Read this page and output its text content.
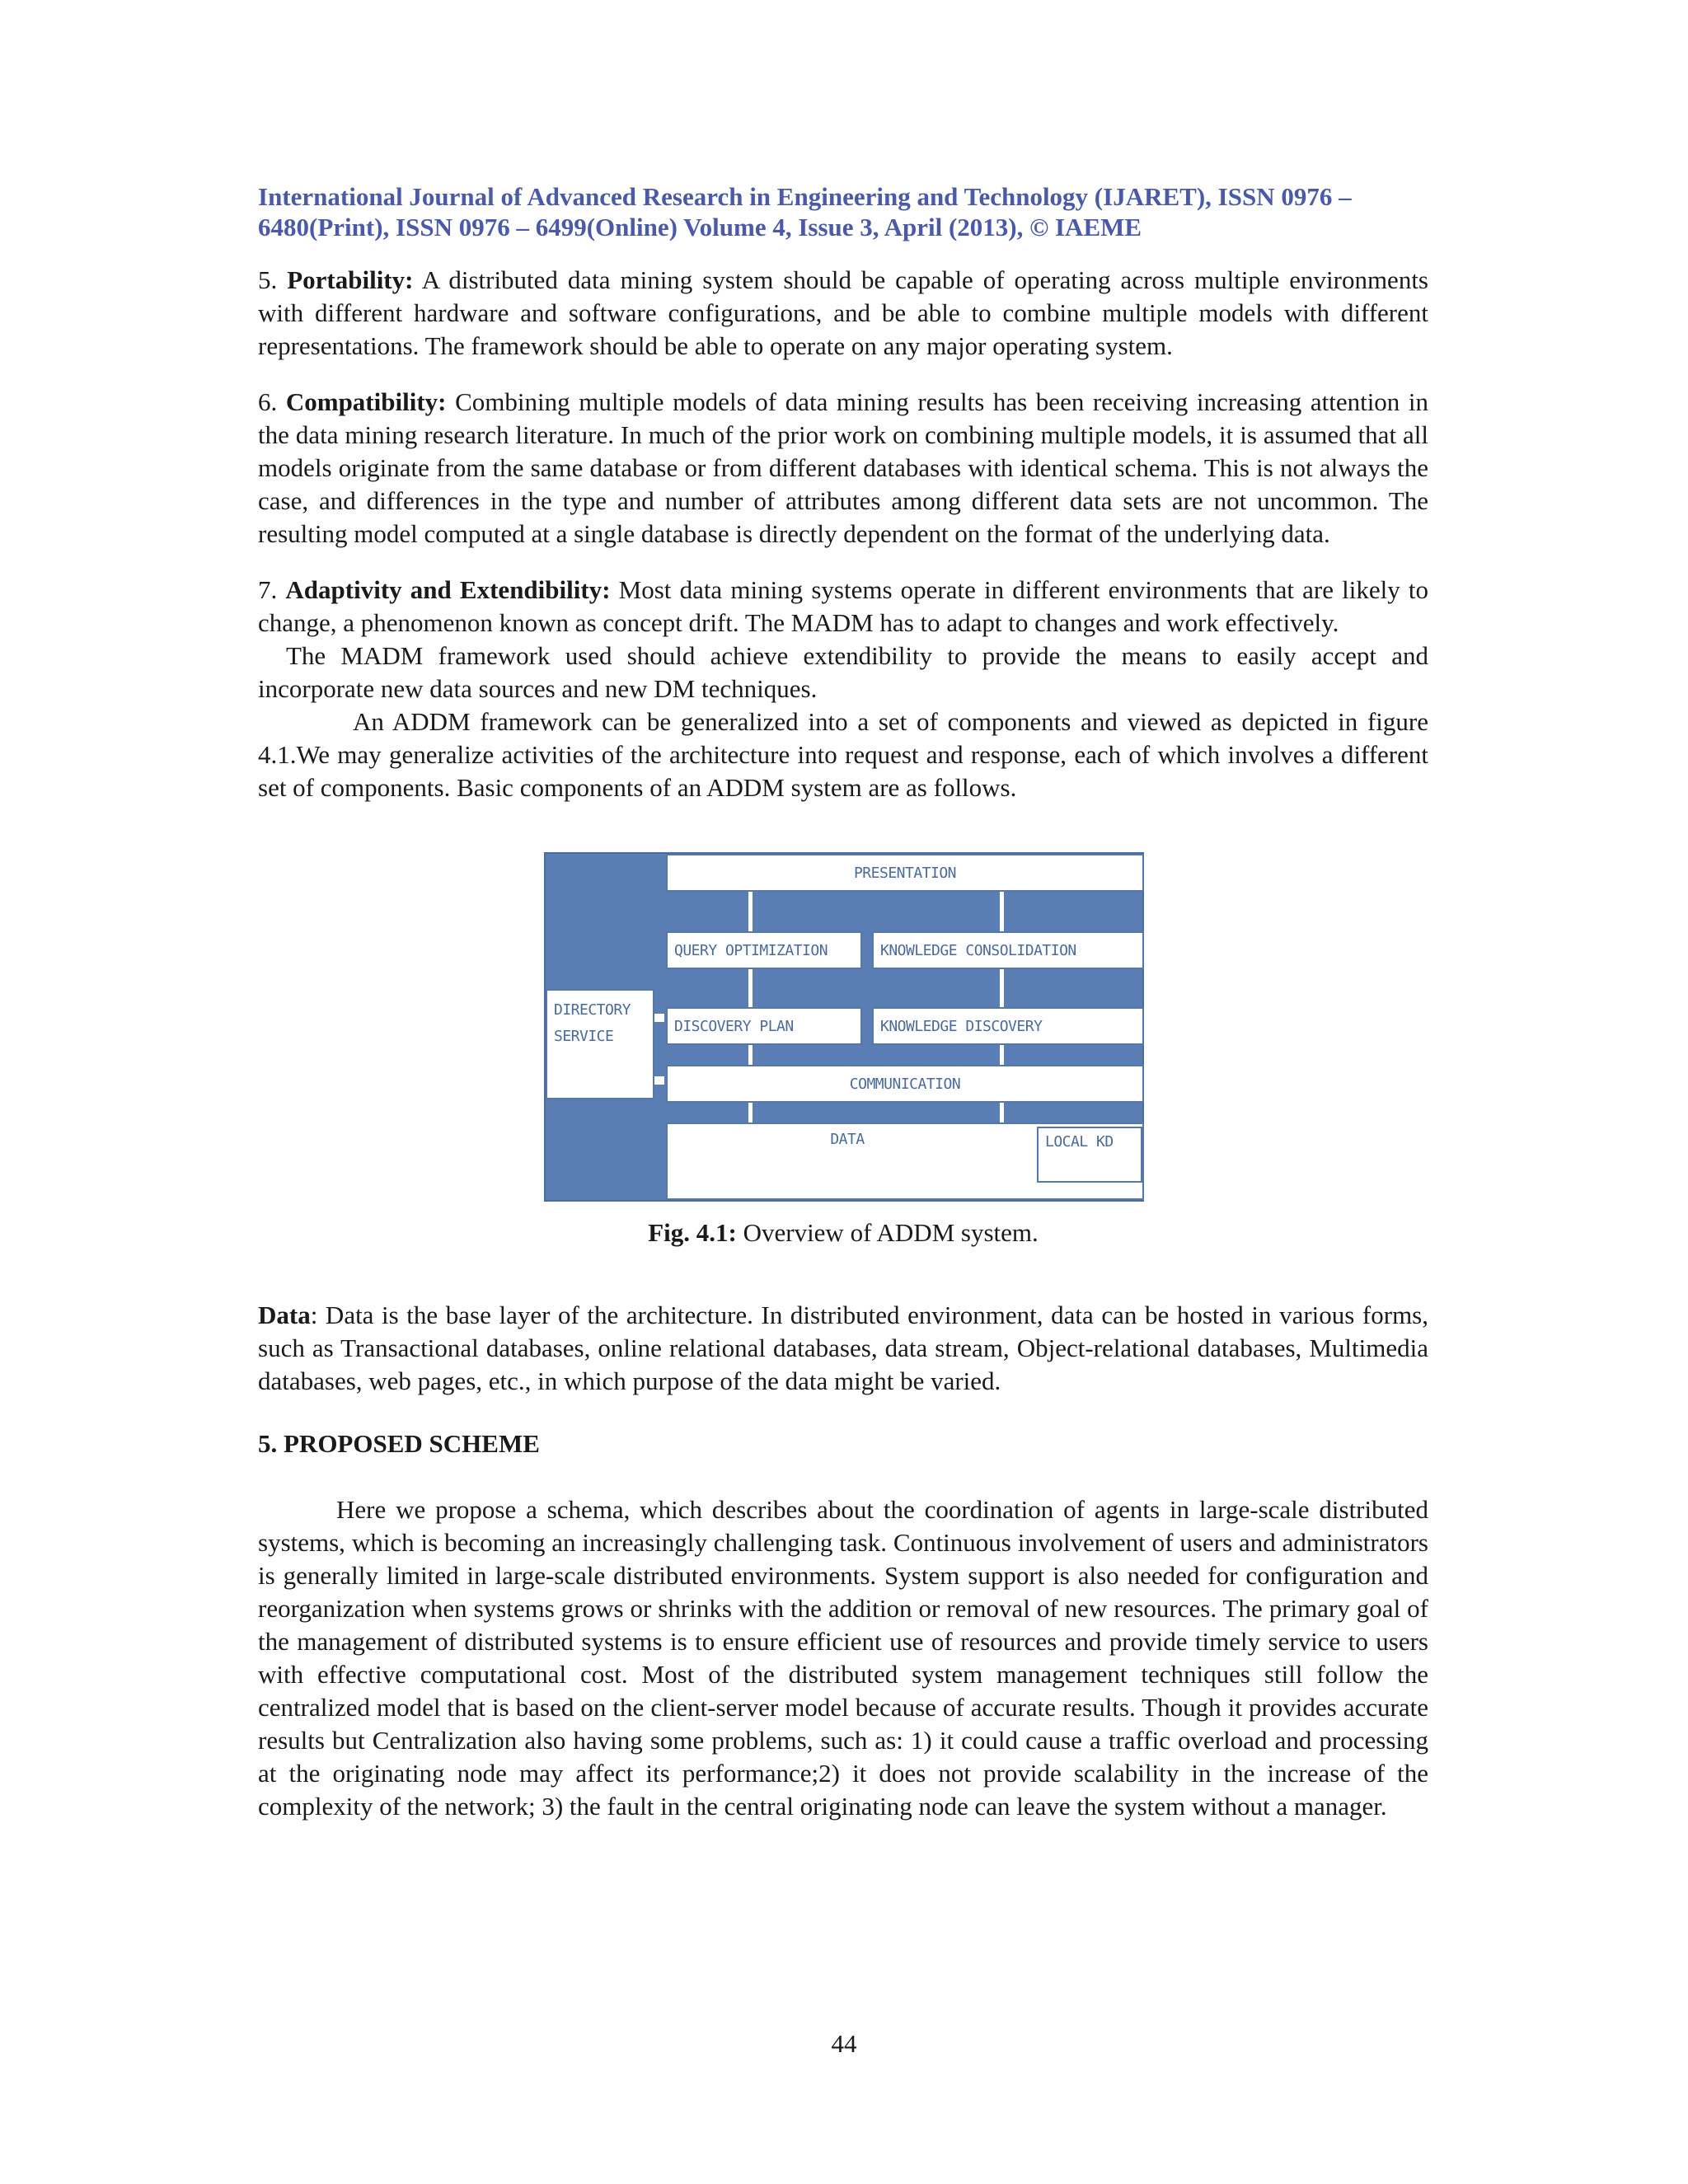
International Journal of Advanced Research in Engineering and Technology (IJARET), ISSN 0976 –
6480(Print), ISSN 0976 – 6499(Online) Volume 4, Issue 3, April (2013), © IAEME

5. Portability: A distributed data mining system should be capable of operating across multiple environments with different hardware and software configurations, and be able to combine multiple models with different representations. The framework should be able to operate on any major operating system.

6. Compatibility: Combining multiple models of data mining results has been receiving increasing attention in the data mining research literature. In much of the prior work on combining multiple models, it is assumed that all models originate from the same database or from different databases with identical schema. This is not always the case, and differences in the type and number of attributes among different data sets are not uncommon. The resulting model computed at a single database is directly dependent on the format of the underlying data.

7. Adaptivity and Extendibility: Most data mining systems operate in different environments that are likely to change, a phenomenon known as concept drift. The MADM has to adapt to changes and work effectively.

The MADM framework used should achieve extendibility to provide the means to easily accept and incorporate new data sources and new DM techniques.

An ADDM framework can be generalized into a set of components and viewed as depicted in figure 4.1.We may generalize activities of the architecture into request and response, each of which involves a different set of components. Basic components of an ADDM system are as follows.

PRESENTATION
QUERY OPTIMIZATION	KNOWLEDGE CONSOLIDATION
DIRECTORY SERVICE
DISCOVERY PLAN	KNOWLEDGE DISCOVERY
COMMUNICATION
DATA	LOCAL KD
Fig. 4.1: Overview of ADDM system.

Data: Data is the base layer of the architecture. In distributed environment, data can be hosted in various forms, such as Transactional databases, online relational databases, data stream, Object-relational databases, Multimedia databases, web pages, etc., in which purpose of the data might be varied.

5. PROPOSED SCHEME

Here we propose a schema, which describes about the coordination of agents in large-scale distributed systems, which is becoming an increasingly challenging task. Continuous involvement of users and administrators is generally limited in large-scale distributed environments. System support is also needed for configuration and reorganization when systems grows or shrinks with the addition or removal of new resources. The primary goal of the management of distributed systems is to ensure efficient use of resources and provide timely service to users with effective computational cost. Most of the distributed system management techniques still follow the centralized model that is based on the client-server model because of accurate results. Though it provides accurate results but Centralization also having some problems, such as: 1) it could cause a traffic overload and processing at the originating node may affect its performance;2) it does not provide scalability in the increase of the complexity of the network; 3) the fault in the central originating node can leave the system without a manager.

44
